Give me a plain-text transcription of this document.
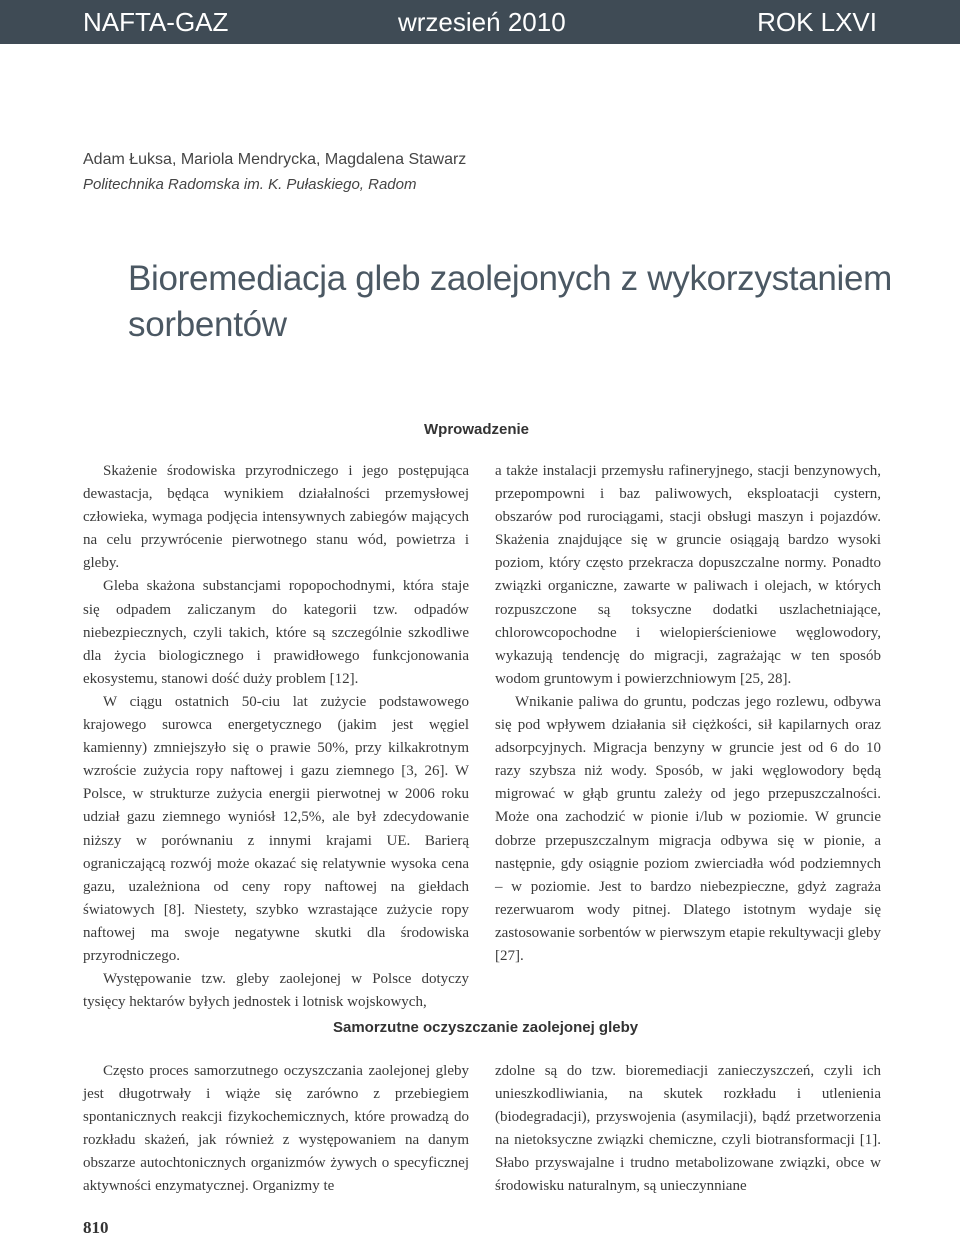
NAFTA-GAZ	wrzesień 2010	ROK LXVI
Adam Łuksa, Mariola Mendrycka, Magdalena Stawarz
Politechnika Radomska im. K. Pułaskiego, Radom
Bioremediacja gleb zaolejonych z wykorzystaniem
sorbentów
Wprowadzenie

Skażenie środowiska przyrodniczego i jego postępująca dewastacja, będąca wynikiem działalności przemysłowej człowieka, wymaga podjęcia intensywnych zabiegów mających na celu przywrócenie pierwotnego stanu wód, powietrza i gleby.

Gleba skażona substancjami ropopochodnymi, która staje się odpadem zaliczanym do kategorii tzw. odpadów niebezpiecznych, czyli takich, które są szczególnie szkodliwe dla życia biologicznego i prawidłowego funkcjonowania ekosystemu, stanowi dość duży problem [12].

W ciągu ostatnich 50-ciu lat zużycie podstawowego krajowego surowca energetycznego (jakim jest węgiel kamienny) zmniejszyło się o prawie 50%, przy kilkakrotnym wzroście zużycia ropy naftowej i gazu ziemnego [3, 26]. W Polsce, w strukturze zużycia energii pierwotnej w 2006 roku udział gazu ziemnego wyniósł 12,5%, ale był zdecydowanie niższy w porównaniu z innymi krajami UE. Barierą ograniczającą rozwój może okazać się relatywnie wysoka cena gazu, uzależniona od ceny ropy naftowej na giełdach światowych [8]. Niestety, szybko wzrastające zużycie ropy naftowej ma swoje negatywne skutki dla środowiska przyrodniczego.

Występowanie tzw. gleby zaolejonej w Polsce dotyczy tysięcy hektarów byłych jednostek i lotnisk wojskowych,

a także instalacji przemysłu rafineryjnego, stacji benzynowych, przepompowni i baz paliwowych, eksploatacji cystern, obszarów pod rurociągami, stacji obsługi maszyn i pojazdów. Skażenia znajdujące się w gruncie osiągają bardzo wysoki poziom, który często przekracza dopuszczalne normy. Ponadto związki organiczne, zawarte w paliwach i olejach, w których rozpuszczone są toksyczne dodatki uszlachetniające, chlorowcopochodne i wielopierścieniowe węglowodory, wykazują tendencję do migracji, zagrażając w ten sposób wodom gruntowym i powierzchniowym [25, 28].

Wnikanie paliwa do gruntu, podczas jego rozlewu, odbywa się pod wpływem działania sił ciężkości, sił kapilarnych oraz adsorpcyjnych. Migracja benzyny w gruncie jest od 6 do 10 razy szybsza niż wody. Sposób, w jaki węglowodory będą migrować w głąb gruntu zależy od jego przepuszczalności. Może ona zachodzić w pionie i/lub w poziomie. W gruncie dobrze przepuszczalnym migracja odbywa się w pionie, a następnie, gdy osiągnie poziom zwierciadła wód podziemnych – w poziomie. Jest to bardzo niebezpieczne, gdyż zagraża rezerwuarom wody pitnej. Dlatego istotnym wydaje się zastosowanie sorbentów w pierwszym etapie rekultywacji gleby [27].

Samorzutne oczyszczanie zaolejonej gleby

Często proces samorzutnego oczyszczania zaolejonej gleby jest długotrwały i wiąże się zarówno z przebiegiem spontanicznych reakcji fizykochemicznych, które prowadzą do rozkładu skażeń, jak również z występowaniem na danym obszarze autochtonicznych organizmów żywych o specyficznej aktywności enzymatycznej. Organizmy te

zdolne są do tzw. bioremediacji zanieczyszczeń, czyli ich unieszkodliwiania, na skutek rozkładu i utlenienia (biodegradacji), przyswojenia (asymilacji), bądź przetworzenia na nietoksyczne związki chemiczne, czyli biotransformacji [1]. Słabo przyswajalne i trudno metabolizowane związki, obce w środowisku naturalnym, są unieczynniane

810
